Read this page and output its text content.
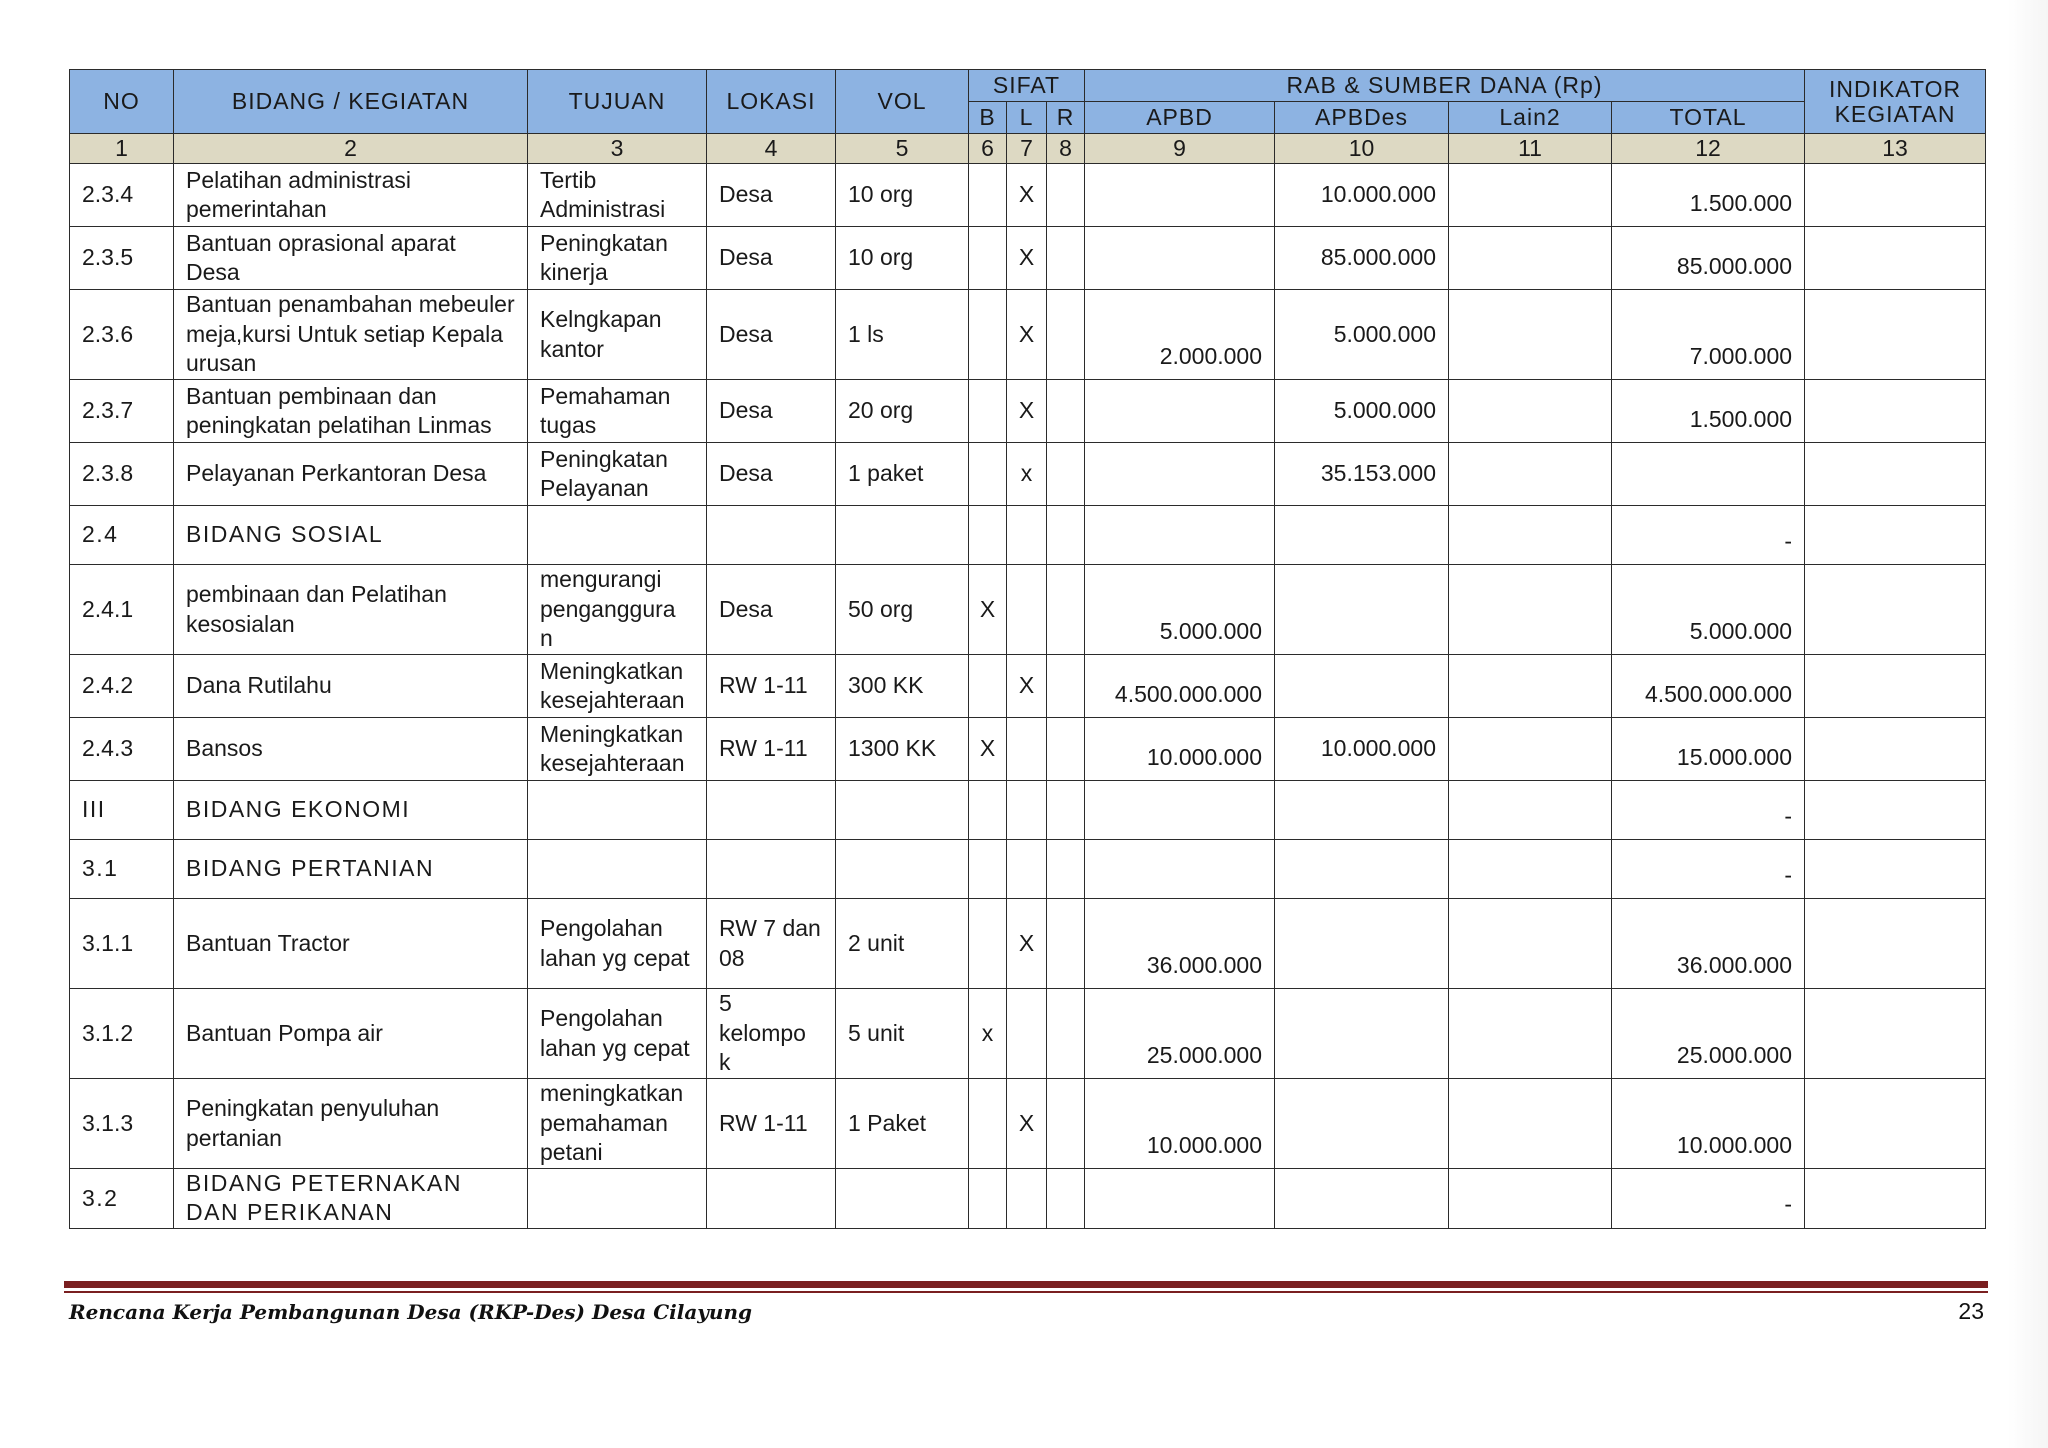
NO	BIDANG / KEGIATAN	TUJUAN	LOKASI	VOL	SIFAT			RAB & SUMBER DANA (Rp)				INDIKATOR KEGIATAN
					B	L	R	APBD	APBDes	Lain2	TOTAL	
1	2	3	4	5	6	7	8	9	10	11	12	13
2.3.4	Pelatihan administrasi pemerintahan	Tertib Administrasi	Desa	10 org		X			10.000.000		1.500.000	
2.3.5	Bantuan oprasional aparat Desa	Peningkatan kinerja	Desa	10 org		X			85.000.000		85.000.000	
2.3.6	Bantuan penambahan mebeuler meja,kursi Untuk setiap Kepala urusan	Kelngkapan kantor	Desa	1 ls		X		2.000.000	5.000.000		7.000.000	
2.3.7	Bantuan pembinaan dan peningkatan pelatihan Linmas	Pemahaman tugas	Desa	20 org		X			5.000.000		1.500.000	
2.3.8	Pelayanan Perkantoran Desa	Peningkatan Pelayanan	Desa	1 paket		x			35.153.000			
2.4	BIDANG SOSIAL										-	
2.4.1	pembinaan dan Pelatihan kesosialan	mengurangi penganggura n	Desa	50 org	X			5.000.000			5.000.000	
2.4.2	Dana Rutilahu	Meningkatkan kesejahteraan	RW 1-11	300 KK		X		4.500.000.000			4.500.000.000	
2.4.3	Bansos	Meningkatkan kesejahteraan	RW 1-11	1300 KK	X			10.000.000	10.000.000		15.000.000	
III	BIDANG EKONOMI										-	
3.1	BIDANG PERTANIAN										-	
3.1.1	Bantuan Tractor	Pengolahan lahan yg cepat	RW 7 dan 08	2 unit		X		36.000.000			36.000.000	
3.1.2	Bantuan Pompa air	Pengolahan lahan yg cepat	5 kelompo k	5 unit	x			25.000.000			25.000.000	
3.1.3	Peningkatan penyuluhan pertanian	meningkatkan pemahaman petani	RW 1-11	1 Paket		X		10.000.000			10.000.000	
3.2	BIDANG PETERNAKAN DAN PERIKANAN										-	
Rencana Kerja Pembangunan Desa (RKP-Des) Desa Cilayung	23
